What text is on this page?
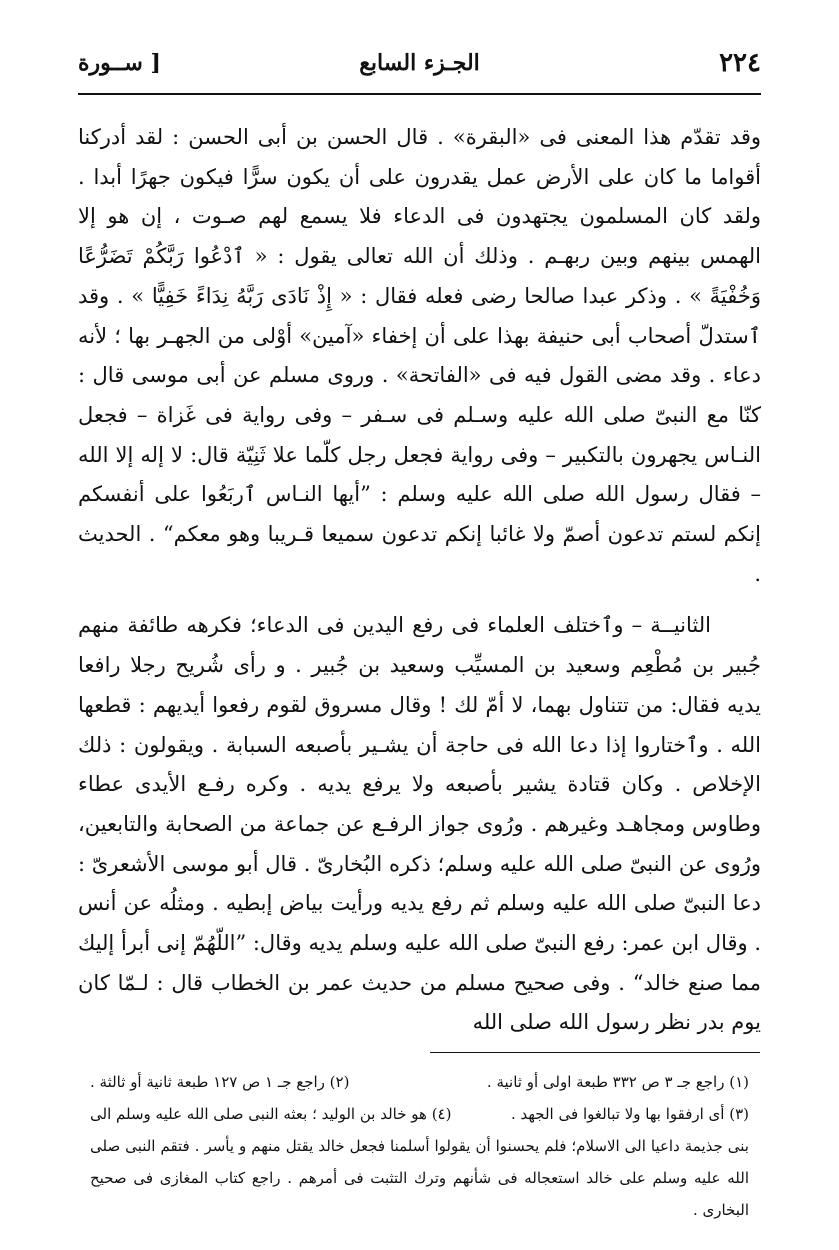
٢٢٤
الجـزء السابع
[ ســورة

وقد تقدّم هذا المعنى فى «البقرة» . قال الحسن بن أبى الحسن : لقد أدركنا أقواما ما كان على الأرض عمل يقدرون على أن يكون سرًّا فيكون جهرًا أبدا . ولقد كان المسلمون يجتهدون فى الدعاء فلا يسمع لهم صـوت ، إن هو إلا الهمس بينهم وبين ربهـم . وذلك أن الله تعالى يقول : « ٱدْعُوا رَبَّكُمْ تَضَرُّعًا وَخُفْيَةً » . وذكر عبدا صالحا رضى فعله فقال : « إِذْ نَادَى رَبَّهُ نِدَاءً خَفِيًّا » . وقد ٱستدلّ أصحاب أبى حنيفة بهذا على أن إخفاء «آمين» أوْلى من الجهـر بها ؛ لأنه دعاء . وقد مضى القول فيه فى «الفاتحة» . وروى مسلم عن أبى موسى قال : كنّا مع النبىّ صلى الله عليه وسـلم فى سـفر – وفى رواية فى غَزاة – فجعل النـاس يجهرون بالتكبير – وفى رواية فجعل رجل كلّما علا ثَنِيّة قال: لا إله إلا الله – فقال رسول الله صلى الله عليه وسلم : ”أيها النـاس ٱربَعُوا على أنفسكم إنكم لستم تدعون أصمّ ولا غائبا إنكم تدعون سميعا قـريبا وهو معكم“ . الحديث .

الثانيــة – وٱختلف العلماء فى رفع اليدين فى الدعاء؛ فكرهه طائفة منهم جُبير بن مُطْعِم وسعيد بن المسيِّب وسعيد بن جُبير . و رأى شُريح رجلا رافعا يديه فقال: من تتناول بهما، لا أمّ لك ! وقال مسروق لقوم رفعوا أيديهم : قطعها الله . وٱختاروا إذا دعا الله فى حاجة أن يشـير بأصبعه السبابة . ويقولون : ذلك الإخلاص . وكان قتادة يشير بأصبعه ولا يرفع يديه . وكره رفـع الأيدى عطاء وطاوس ومجاهـد وغيرهم . ورُوى جواز الرفـع عن جماعة من الصحابة والتابعين، ورُوى عن النبىّ صلى الله عليه وسلم؛ ذكره البُخارىّ . قال أبو موسى الأشعرىّ : دعا النبىّ صلى الله عليه وسلم ثم رفع يديه ورأيت بياض إبطيه . ومثلُه عن أنس . وقال ابن عمر: رفع النبىّ صلى الله عليه وسلم يديه وقال: ”اللّهُمّ إنى أبرأ إليك مما صنع خالد“ . وفى صحيح مسلم من حديث عمر بن الخطاب قال : لـمّا كان يوم بدر نظر رسول الله صلى الله

(١) راجع جـ ٣ ص ٣٣٢ طبعة اولى أو ثانية .
(٢) راجع جـ ١ ص ١٢٧ طبعة ثانية أو ثالثة .
(٣) أى ارفقوا بها ولا تبالغوا فى الجهد .
(٤) هو خالد بن الوليد ؛ بعثه النبى صلى الله عليه وسلم الى
بنى جذيمة داعيا الى الاسلام؛ فلم يحسنوا أن يقولوا أسلمنا فجعل خالد يقتل منهم و يأسر . فتقم النبى صلى الله عليه وسلم على خالد استعجاله فى شأنهم وترك التثبت فى أمرهم . راجع كتاب المغازى فى صحيح البخارى .
